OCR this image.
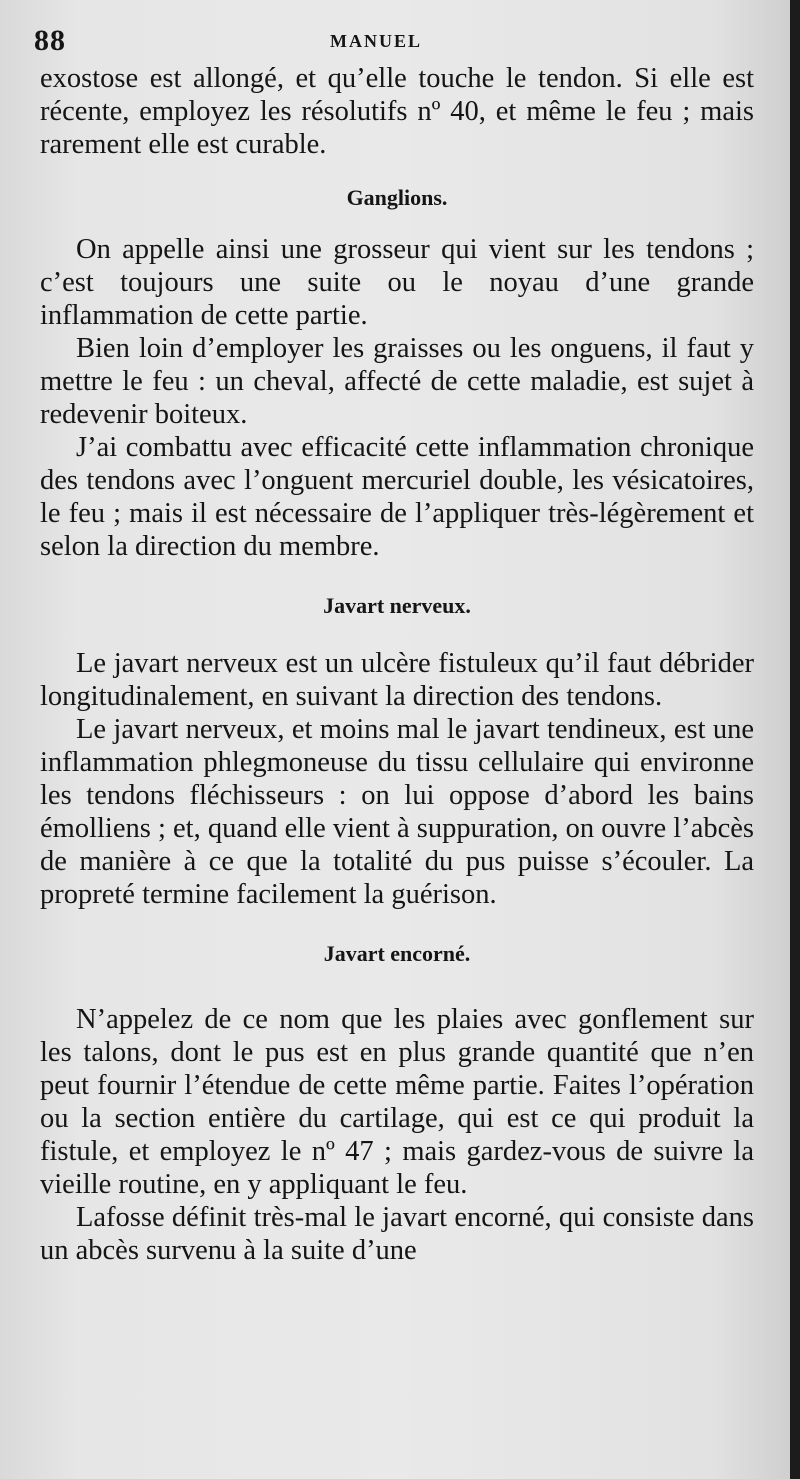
88	MANUEL

exostose est allongé, et qu’elle touche le tendon. Si elle est récente, employez les résolutifs nº 40, et même le feu ; mais rarement elle est curable.

Ganglions.

On appelle ainsi une grosseur qui vient sur les tendons ; c’est toujours une suite ou le noyau d’une grande inflammation de cette partie.

Bien loin d’employer les graisses ou les onguens, il faut y mettre le feu : un cheval, affecté de cette maladie, est sujet à redevenir boiteux.

J’ai combattu avec efficacité cette inflammation chronique des tendons avec l’onguent mercuriel double, les vésicatoires, le feu ; mais il est nécessaire de l’appliquer très-légèrement et selon la direction du membre.

Javart nerveux.

Le javart nerveux est un ulcère fistuleux qu’il faut débrider longitudinalement, en suivant la direction des tendons.

Le javart nerveux, et moins mal le javart tendineux, est une inflammation phlegmoneuse du tissu cellulaire qui environne les tendons fléchisseurs : on lui oppose d’abord les bains émolliens ; et, quand elle vient à suppuration, on ouvre l’abcès de manière à ce que la totalité du pus puisse s’écouler. La propreté termine facilement la guérison.

Javart encorné.

N’appelez de ce nom que les plaies avec gonflement sur les talons, dont le pus est en plus grande quantité que n’en peut fournir l’étendue de cette même partie. Faites l’opération ou la section entière du cartilage, qui est ce qui produit la fistule, et employez le nº 47 ; mais gardez-vous de suivre la vieille routine, en y appliquant le feu.

Lafosse définit très-mal le javart encorné, qui consiste dans un abcès survenu à la suite d’une
